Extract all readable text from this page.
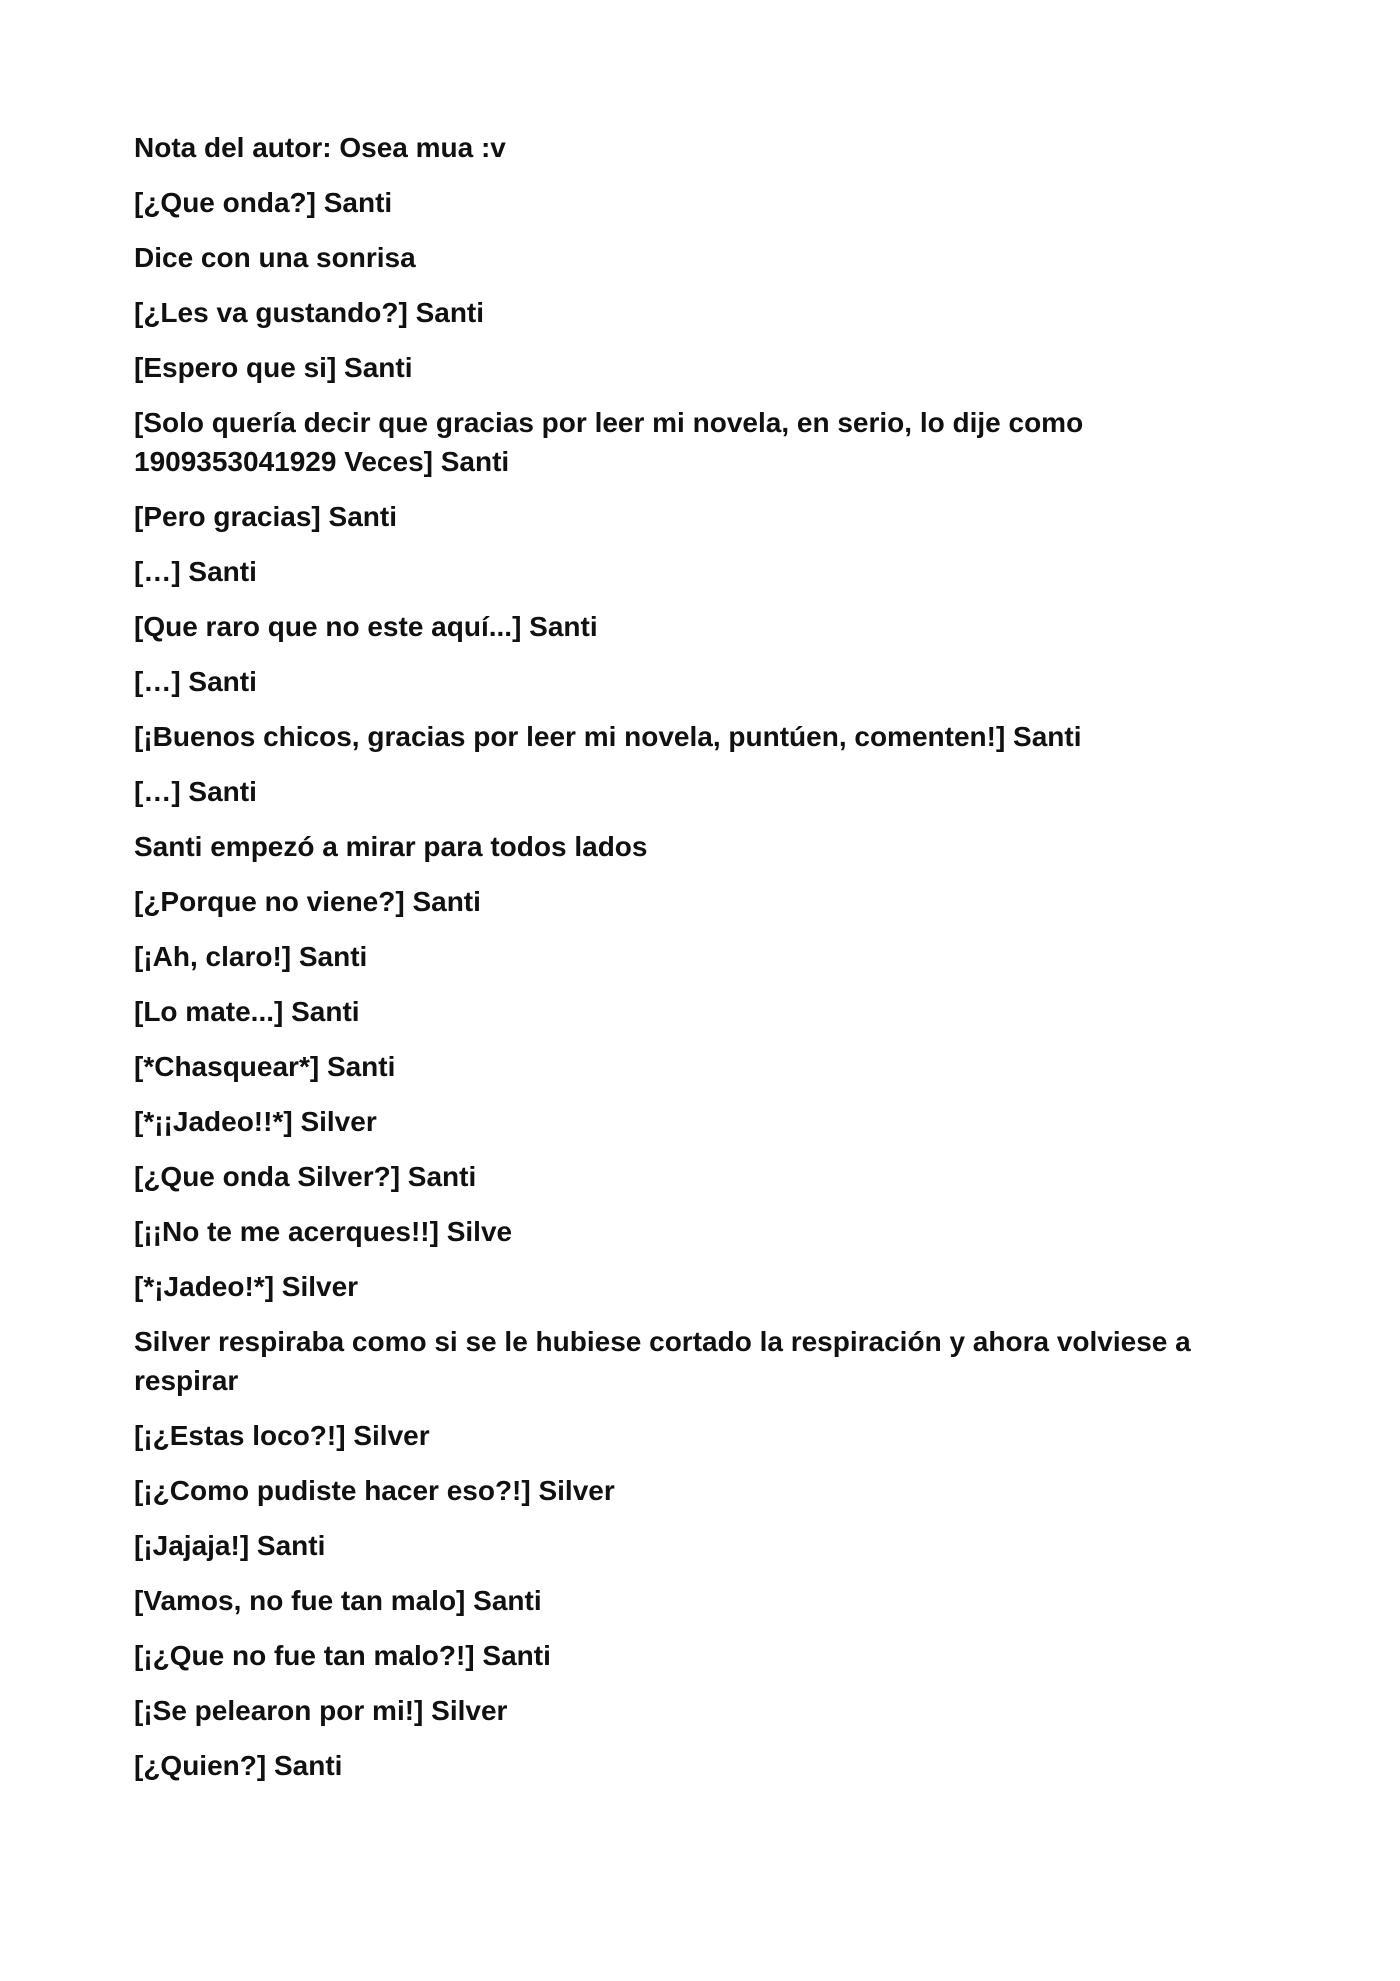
Nota del autor: Osea mua :v

[¿Que onda?] Santi

Dice con una sonrisa

[¿Les va gustando?] Santi

[Espero que si] Santi

[Solo quería decir que gracias por leer mi novela, en serio, lo dije como 1909353041929 Veces] Santi

[Pero gracias] Santi

[…] Santi

[Que raro que no este aquí...] Santi

[…] Santi

[¡Buenos chicos, gracias por leer mi novela, puntúen, comenten!] Santi

[…] Santi

Santi empezó a mirar para todos lados

[¿Porque no viene?] Santi

[¡Ah, claro!] Santi

[Lo mate...] Santi

[*Chasquear*] Santi

[*¡¡Jadeo!!*] Silver

[¿Que onda Silver?] Santi

[¡¡No te me acerques!!] Silve

[*¡Jadeo!*] Silver

Silver respiraba como si se le hubiese cortado la respiración y ahora volviese a respirar

[¡¿Estas loco?!] Silver

[¡¿Como pudiste hacer eso?!] Silver

[¡Jajaja!] Santi

[Vamos, no fue tan malo] Santi

[¡¿Que no fue tan malo?!] Santi

[¡Se pelearon por mi!] Silver

[¿Quien?] Santi
